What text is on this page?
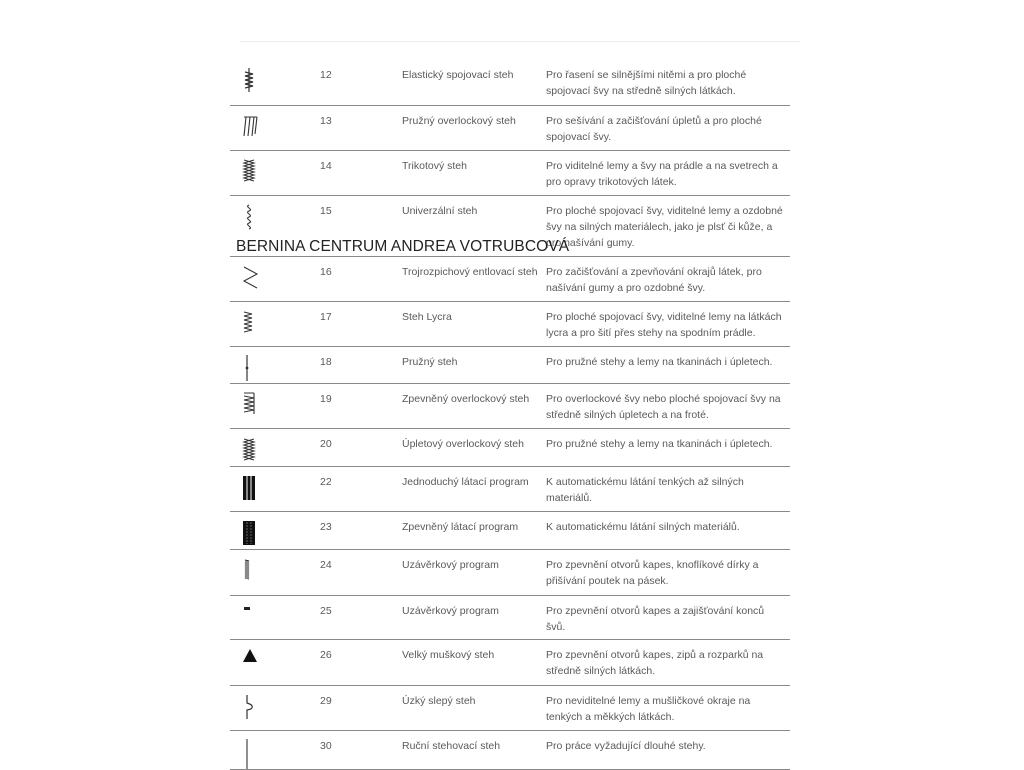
	12	Elastický spojovací steh	Pro řasení se silnějšími nitěmi a pro ploché spojovací švy na středně silných látkách.

	13	Pružný overlockový steh	Pro sešívání a začišťování úpletů a pro ploché spojovací švy.

	14	Trikotový steh	Pro viditelné lemy a švy na prádle a na svetrech a pro opravy trikotových látek.

	15	Univerzální steh	Pro ploché spojovací švy, viditelné lemy a ozdobné švy na silných materiálech, jako je plsť či kůže, a pro našívání gumy.

	16	Trojrozpichový entlovací steh	Pro začišťování a zpevňování okrajů látek, pro našívání gumy a pro ozdobné švy.

	17	Steh Lycra	Pro ploché spojovací švy, viditelné lemy na látkách lycra a pro šití přes stehy na spodním prádle.

	18	Pružný steh	Pro pružné stehy a lemy na tkaninách i úpletech.

	19	Zpevněný overlockový steh	Pro overlockové švy nebo ploché spojovací švy na středně silných úpletech a na froté.

	20	Úpletový overlockový steh	Pro pružné stehy a lemy na tkaninách i úpletech.

	22	Jednoduchý látací program	K automatickému látání tenkých až silných materiálů.

	23	Zpevněný látací program	K automatickému látání silných materiálů.

	24	Uzávěrkový program	Pro zpevnění otvorů kapes, knoflíkové dírky a přišívání poutek na pásek.

	25	Uzávěrkový program	Pro zpevnění otvorů kapes a zajišťování konců švů.

	26	Velký muškový steh	Pro zpevnění otvorů kapes, zipů a rozparků na středně silných látkách.

	29	Úzký slepý steh	Pro neviditelné lemy a mušličkové okraje na tenkých a měkkých látkách.

	30	Ruční stehovací steh	Pro práce vyžadující dlouhé stehy.
BERNINA CENTRUM ANDREA VOTRUBCOVÁ
